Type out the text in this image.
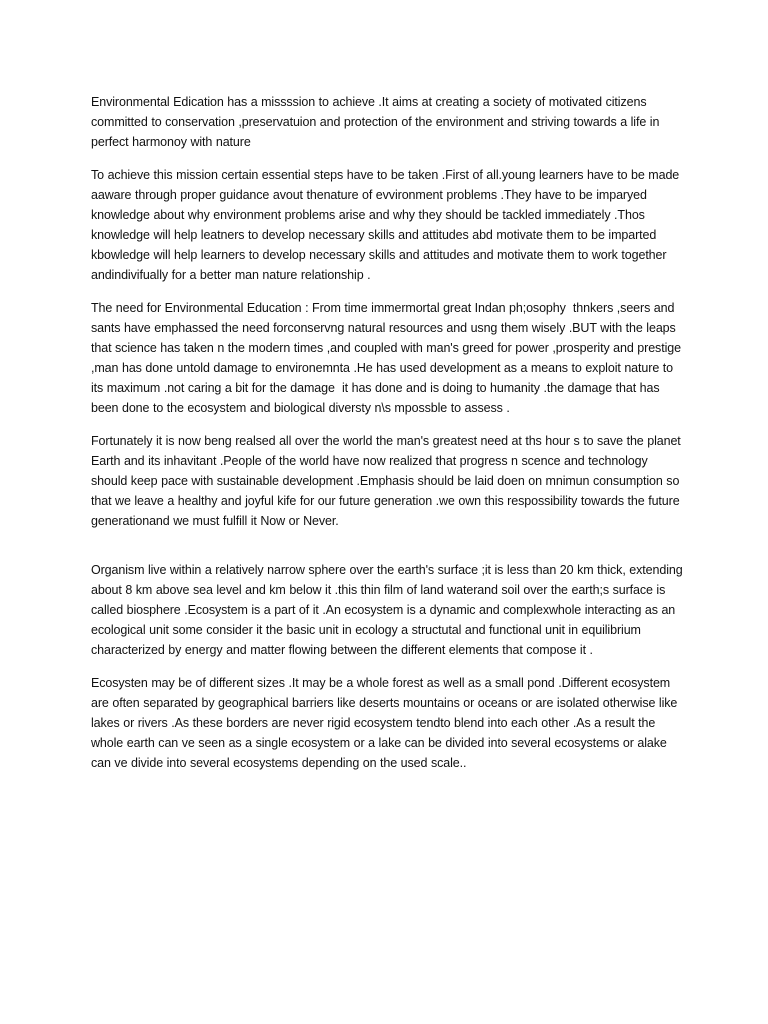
Environmental Edication has a missssion to achieve .It aims at creating a society of motivated citizens committed to conservation ,preservatuion and protection of the environment and striving towards a life in perfect harmonoy with nature

To achieve this mission certain essential steps have to be taken .First of all.young learners have to be made aaware through proper guidance avout thenature of evvironment problems .They have to be imparyed knowledge about why environment problems arise and why they should be tackled immediately .Thos knowledge will help leatners to develop necessary skills and attitudes abd motivate them to be imparted kbowledge will help learners to develop necessary skills and attitudes and motivate them to work together andindivifually for a better man nature relationship .

The need for Environmental Education : From time immermortal great Indan ph;osophy  thnkers ,seers and sants have emphassed the need forconservng natural resources and usng them wisely .BUT with the leaps that science has taken n the modern times ,and coupled with man's greed for power ,prosperity and prestige ,man has done untold damage to environemnta .He has used development as a means to exploit nature to its maximum .not caring a bit for the damage  it has done and is doing to humanity .the damage that has been done to the ecosystem and biological diversty n\s mpossble to assess .

Fortunately it is now beng realsed all over the world the man's greatest need at ths hour s to save the planet Earth and its inhavitant .People of the world have now realized that progress n scence and technology should keep pace with sustainable development .Emphasis should be laid doen on mnimun consumption so   that we leave a healthy and joyful kife for our future generation .we own this respossibility towards the future generationand we must fulfill it Now or Never.

Organism live within a relatively narrow sphere over the earth's surface ;it is less than 20 km thick, extending about 8 km above sea level and km below it .this thin film of land waterand soil over the earth;s surface is called biosphere .Ecosystem is a part of it .An ecosystem is a dynamic and complexwhole interacting as an ecological unit some consider it the basic unit in ecology a structutal and functional unit in equilibrium characterized by energy and matter flowing between the different elements that compose it .

Ecosysten may be of different sizes .It may be a whole forest as well as a small pond .Different ecosystem are often separated by geographical barriers like deserts mountains or oceans or are isolated otherwise like lakes or rivers .As these borders are never rigid ecosystem tendto blend into each other .As a result the whole earth can ve seen as a single ecosystem or a lake can be divided into several ecosystems or alake can ve divide into several ecosystems depending on the used scale..
